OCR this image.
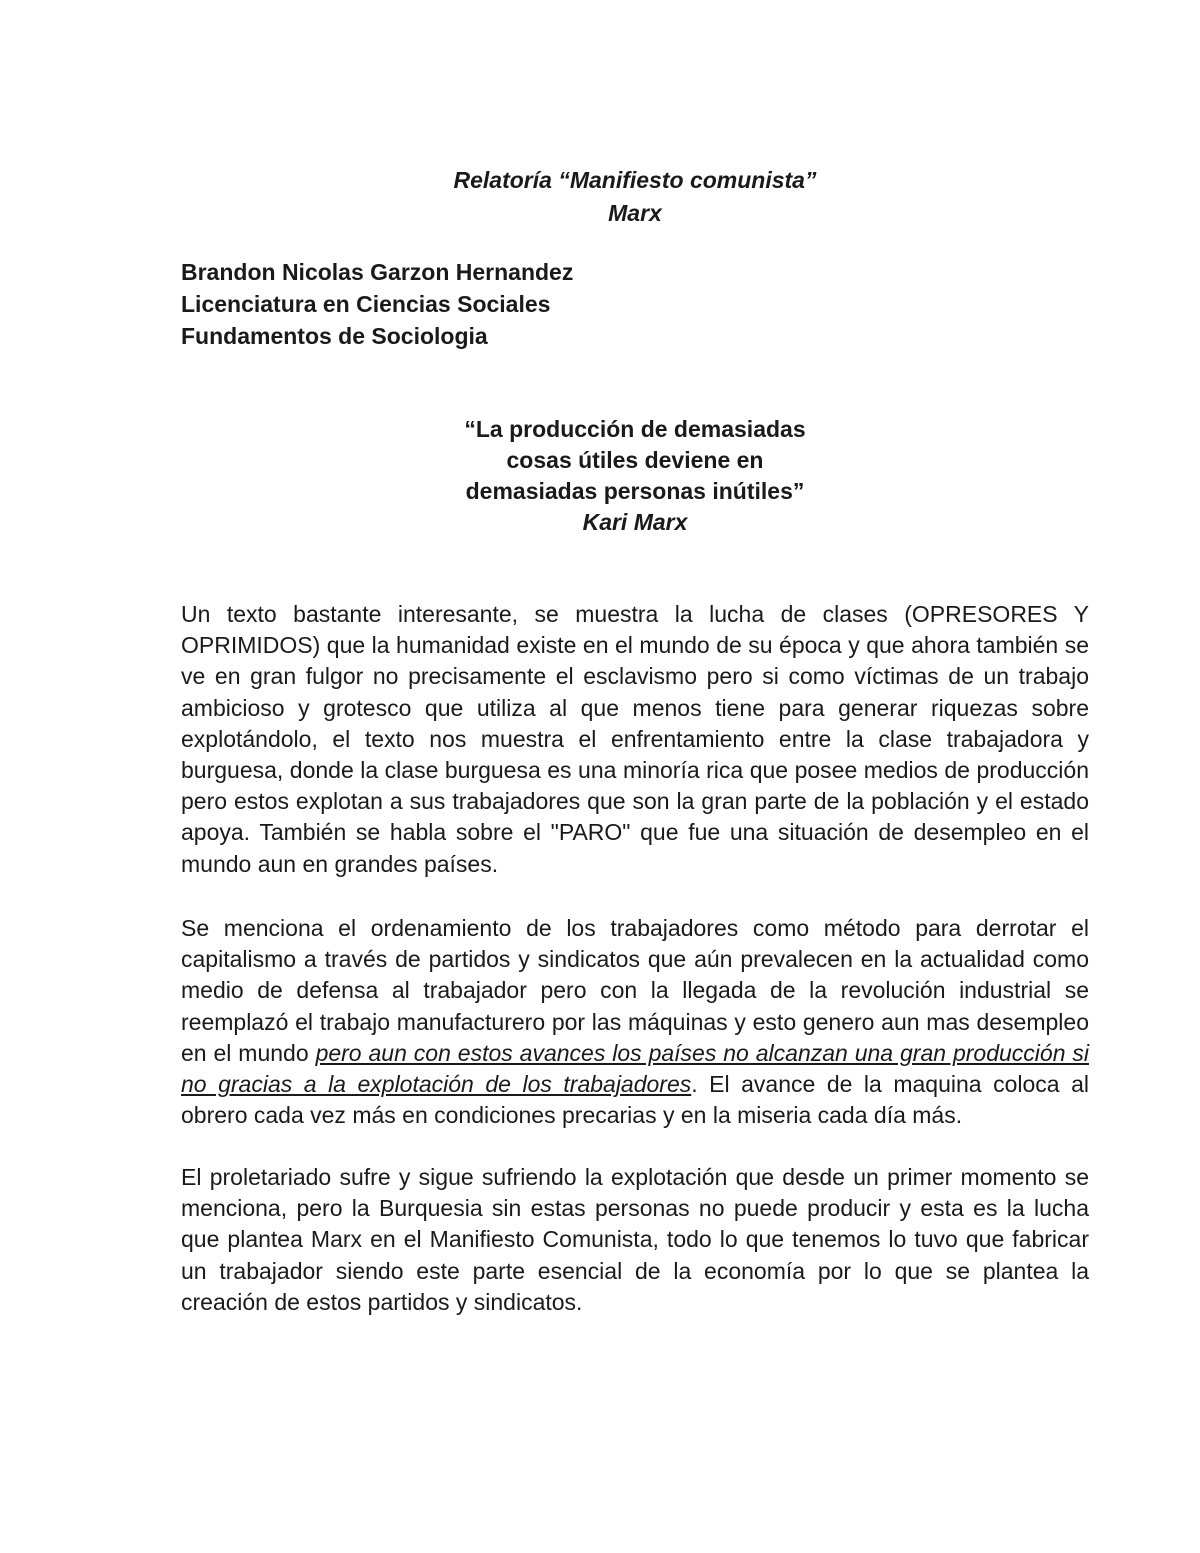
Relatoría “Manifiesto comunista”
Marx
Brandon Nicolas Garzon Hernandez
Licenciatura en Ciencias Sociales
Fundamentos de Sociologia
“La producción de demasiadas
cosas útiles deviene en
demasiadas personas inútiles”
Kari Marx

Un texto bastante interesante, se muestra la lucha de clases (OPRESORES Y OPRIMIDOS) que la humanidad existe en el mundo de su época y que ahora también se ve en gran fulgor no precisamente el esclavismo pero si como víctimas de un trabajo ambicioso y grotesco que utiliza al que menos tiene para generar riquezas sobre explotándolo, el texto nos muestra el enfrentamiento entre la clase trabajadora y burguesa, donde la clase burguesa es una minoría rica que posee medios de producción pero estos explotan a sus trabajadores que son la gran parte de la población y el estado apoya. También se habla sobre el "PARO" que fue una situación de desempleo en el mundo aun en grandes países.

Se menciona el ordenamiento de los trabajadores como método para derrotar el capitalismo a través de partidos y sindicatos que aún prevalecen en la actualidad como medio de defensa al trabajador pero con la llegada de la revolución industrial se reemplazó el trabajo manufacturero por las máquinas y esto genero aun mas desempleo en el mundo pero aun con estos avances los países no alcanzan una gran producción si no gracias a la explotación de los trabajadores. El avance de la maquina coloca al obrero cada vez más en condiciones precarias y en la miseria cada día más.

El proletariado sufre y sigue sufriendo la explotación que desde un primer momento se menciona, pero la Burquesia sin estas personas no puede producir y esta es la lucha que plantea Marx en el Manifiesto Comunista, todo lo que tenemos lo tuvo que fabricar un trabajador siendo este parte esencial de la economía por lo que se plantea la creación de estos partidos y sindicatos.
